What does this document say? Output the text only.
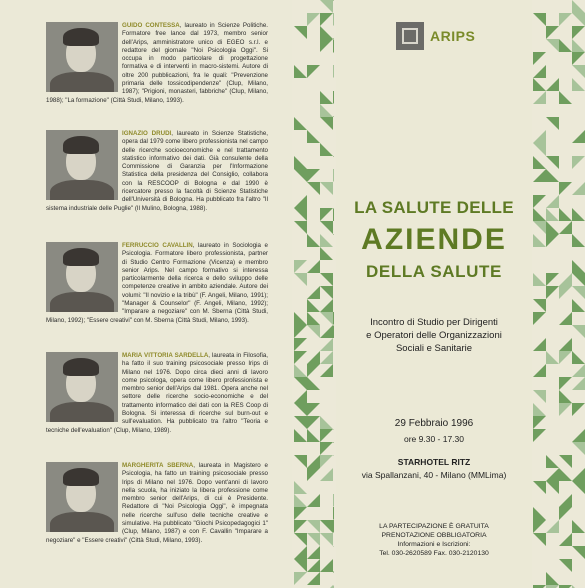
GUIDO CONTESSA, laureato in Scienze Politiche. Formatore free lance dal 1973, membro senior dell'Arips, amministratore unico di EGEO s.r.l. e redattore del giornale "Noi Psicologia Oggi". Si occupa in modo particolare di progettazione formativa e di interventi in macro-sistemi. Autore di oltre 200 pubblicazioni, fra le quali: "Prevenzione primaria delle tossicodipendenze" (Clup, Milano, 1987); "Prigioni, monasteri, fabbriche" (Clup, Milano, 1988); "La formazione" (Città Studi, Milano, 1993).
IGNAZIO DRUDI, laureato in Scienze Statistiche, opera dal 1979 come libero professionista nel campo delle ricerche socioeconomiche e nel trattamento statistico informativo dei dati. Già consulente della Commissione di Garanzia per l'Informazione Statistica della presidenza del Consiglio, collabora con la RESCOOP di Bologna e dal 1990 è ricercatore presso la facoltà di Scienze Statistiche dell'Università di Bologna. Ha pubblicato fra l'altro "Il sistema industriale delle Puglie" (Il Mulino, Bologna, 1988).
FERRUCCIO CAVALLIN, laureato in Sociologia e Psicologia. Formatore libero professionista, partner di Studio Centro Formazione (Vicenza) e membro senior Arips. Nel campo formativo si interessa particolarmente della ricerca e dello sviluppo delle competenze creative in ambito aziendale. Autore dei volumi: "Il novizio e la tribù" (F. Angeli, Milano, 1991); "Manager & Counselor" (F. Angeli, Milano, 1992); "Imparare a negoziare" con M. Sberna (Città Studi, Milano, 1992); "Essere creativi" con M. Sberna (Città Studi, Milano, 1993).
MARIA VITTORIA SARDELLA, laureata in Filosofia, ha fatto il suo training psicosociale presso Irips di Milano nel 1976. Dopo circa dieci anni di lavoro come psicologa, opera come libero professionista e membro senior dell'Arips dal 1981. Opera anche nel settore delle ricerche socio-economiche e del trattamento informatico dei dati con la RES Coop di Bologna. Si interessa di ricerche sul burn-out e sull'evaluation. Ha pubblicato tra l'altro "Teoria e tecniche dell'evaluation" (Clup, Milano, 1989).
MARGHERITA SBERNA, laureata in Magistero e Psicologia, ha fatto un training psicosociale presso Irips di Milano nel 1976. Dopo vent'anni di lavoro nella scuola, ha iniziato la libera professione come membro senior dell'Arips, di cui è Presidente. Redattore di "Noi Psicologia Oggi", è impegnata nelle ricerche sull'uso delle tecniche creative e simulative. Ha pubblicato "Giochi Psicopedagogici 1" (Clup, Milano, 1987) e con F. Cavallin "Imparare a negoziare" e "Essere creativi" (Città Studi, Milano, 1993).
ARIPS
LA SALUTE DELLE
AZIENDE
DELLA SALUTE
Incontro di Studio per Dirigenti
e Operatori delle Organizzazioni
Sociali e Sanitarie
29 Febbraio 1996
ore 9.30 - 17.30
STARHOTEL RITZ
via Spallanzani, 40 - Milano (MMLima)
LA PARTECIPAZIONE È GRATUITA
PRENOTAZIONE OBBLIGATORIA
Informazioni e Iscrizioni:
Tel. 030-2620589 Fax. 030-2120130
